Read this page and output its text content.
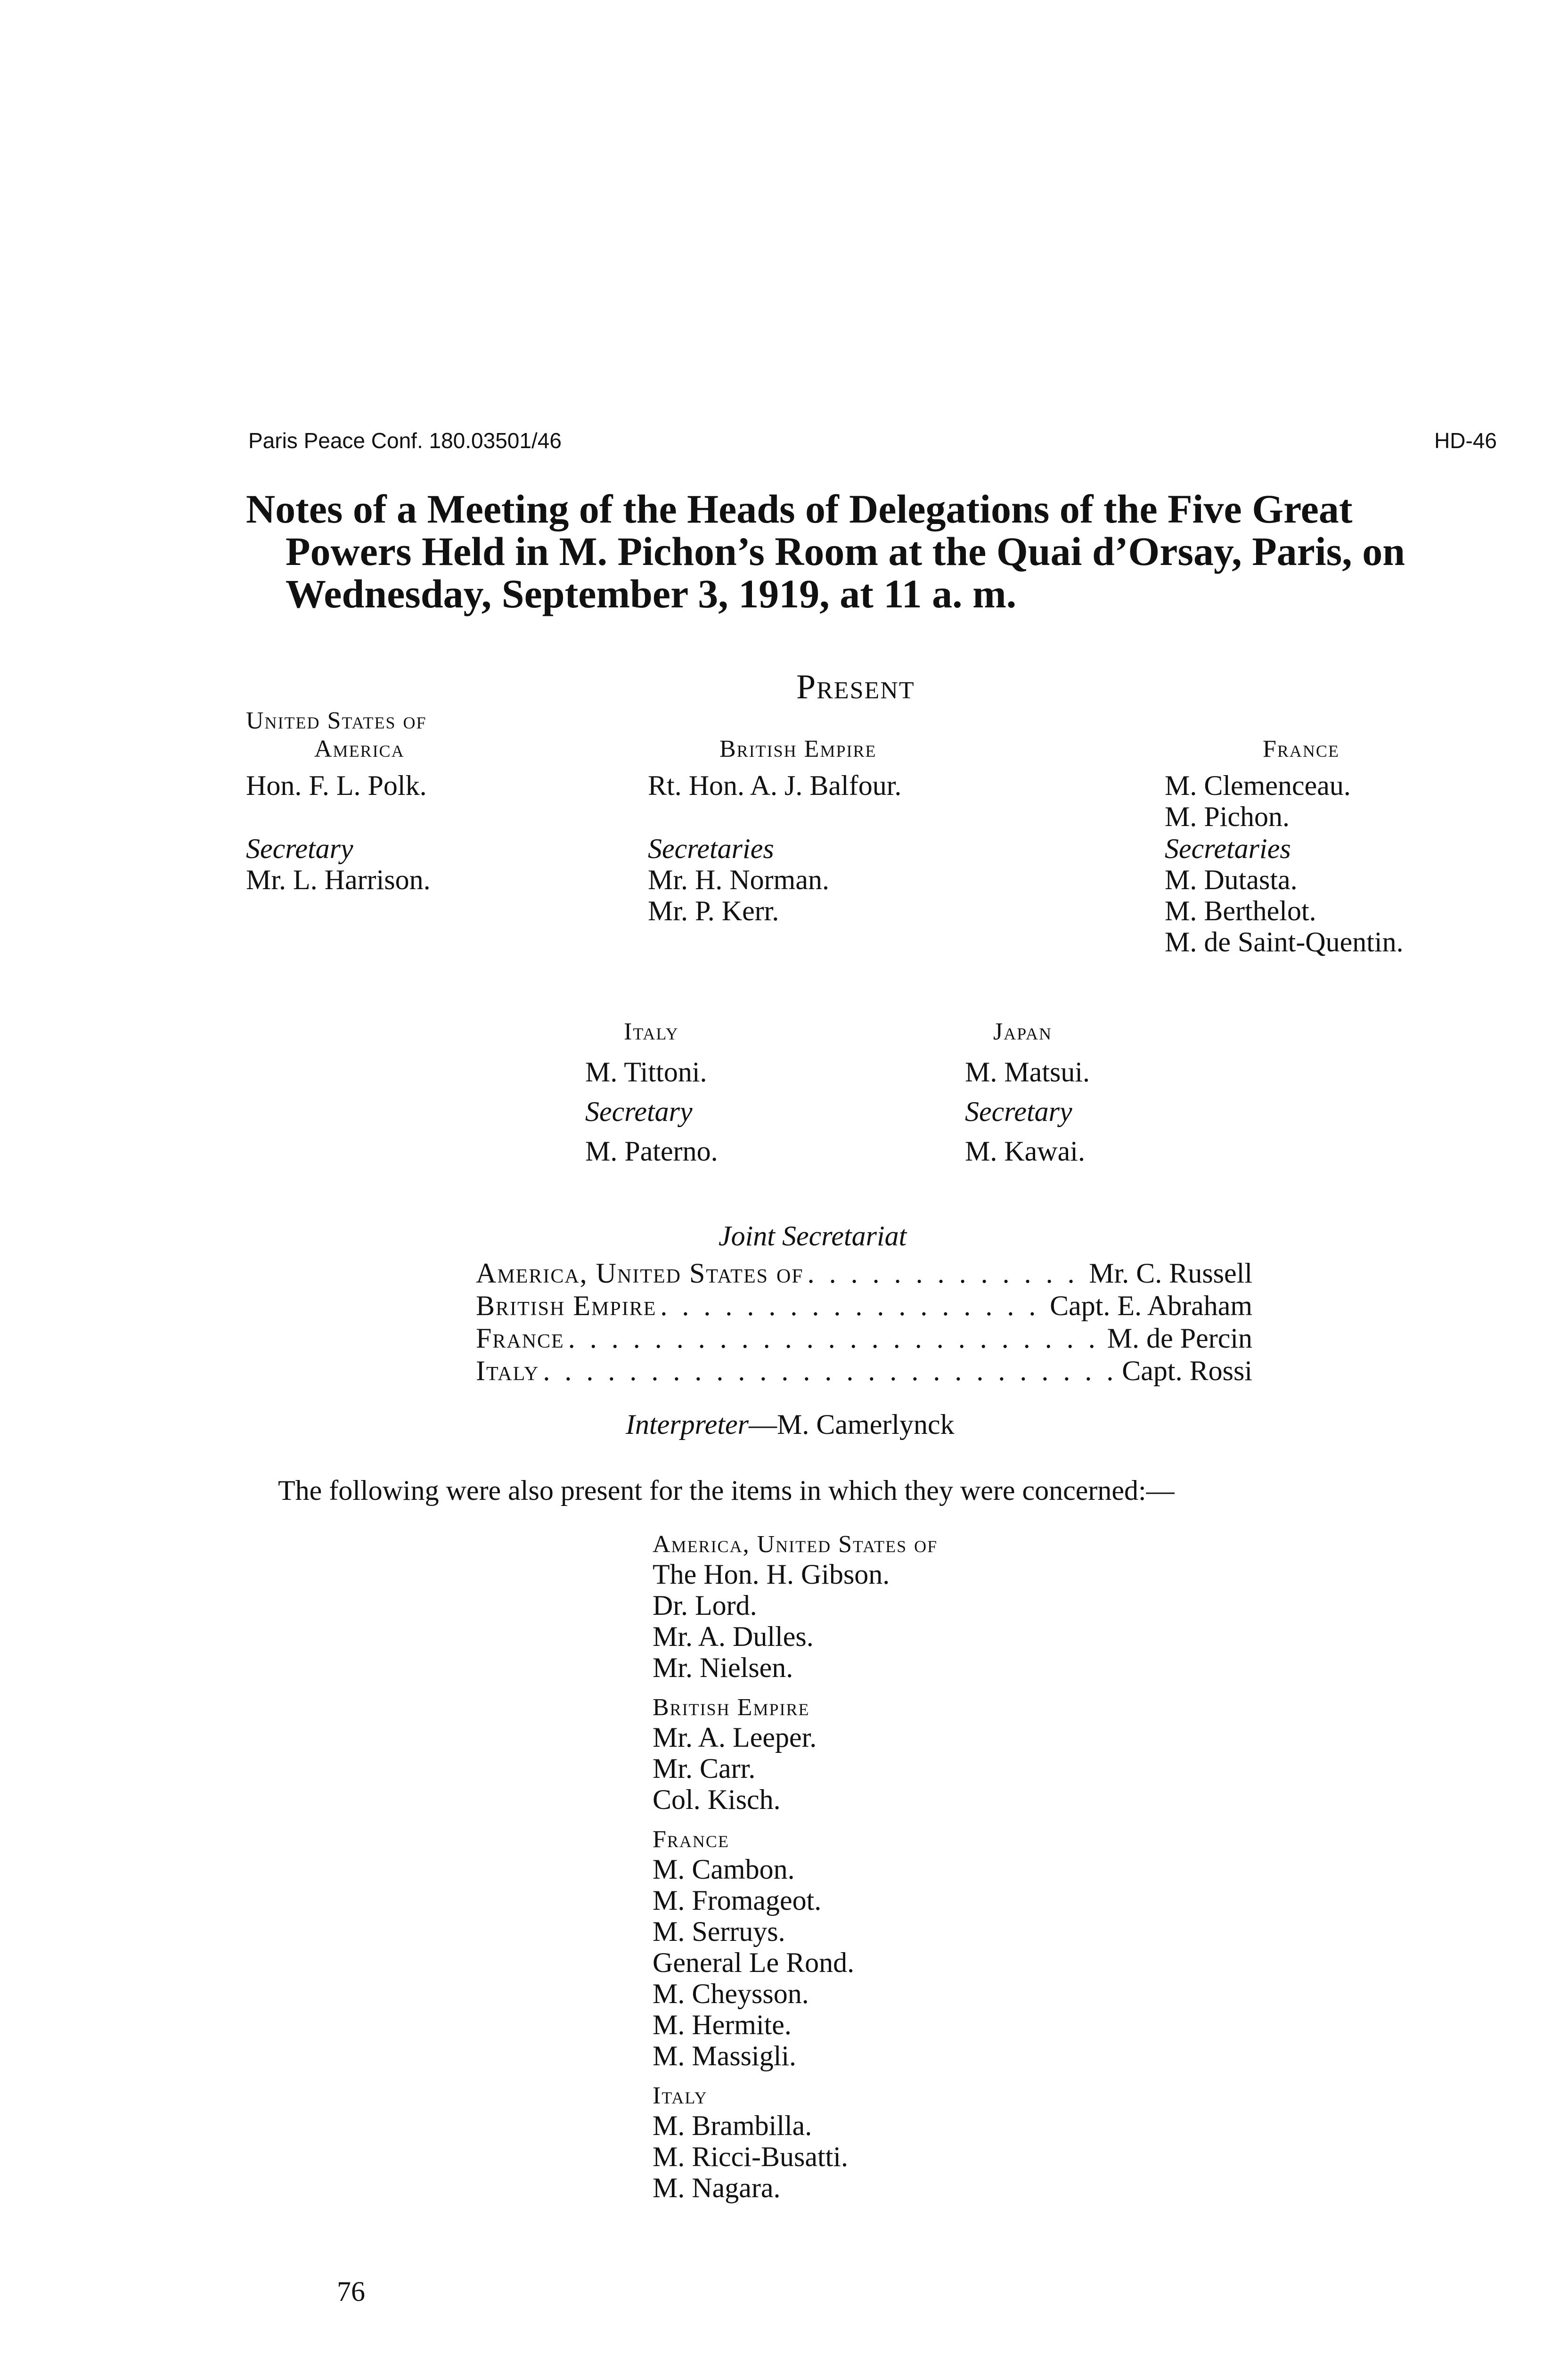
Paris Peace Conf. 180.03501/46	HD-46
Notes of a Meeting of the Heads of Delegations of the Five Great
Powers Held in M. Pichon’s Room at the Quai d’Orsay, Paris, on
Wednesday, September 3, 1919, at 11 a. m.
Present
United States of
America
Hon. F. L. Polk.
Secretary
Mr. L. Harrison.
British Empire
Rt. Hon. A. J. Balfour.
Secretaries
Mr. H. Norman.
Mr. P. Kerr.
France
M. Clemenceau.
M. Pichon.
Secretaries
M. Dutasta.
M. Berthelot.
M. de Saint-Quentin.
Italy
M. Tittoni.
Secretary
M. Paterno.
Japan
M. Matsui.
Secretary
M. Kawai.
Joint Secretariat
America, United States of . . .	Mr. C. Russell
British Empire . . .	Capt. E. Abraham
France . . .	M. de Percin
Italy . . .	Capt. Rossi
Interpreter—M. Camerlynck
The following were also present for the items in which they were concerned:—
America, United States of
The Hon. H. Gibson.
Dr. Lord.
Mr. A. Dulles.
Mr. Nielsen.
British Empire
Mr. A. Leeper.
Mr. Carr.
Col. Kisch.
France
M. Cambon.
M. Fromageot.
M. Serruys.
General Le Rond.
M. Cheysson.
M. Hermite.
M. Massigli.
Italy
M. Brambilla.
M. Ricci-Busatti.
M. Nagara.
76
